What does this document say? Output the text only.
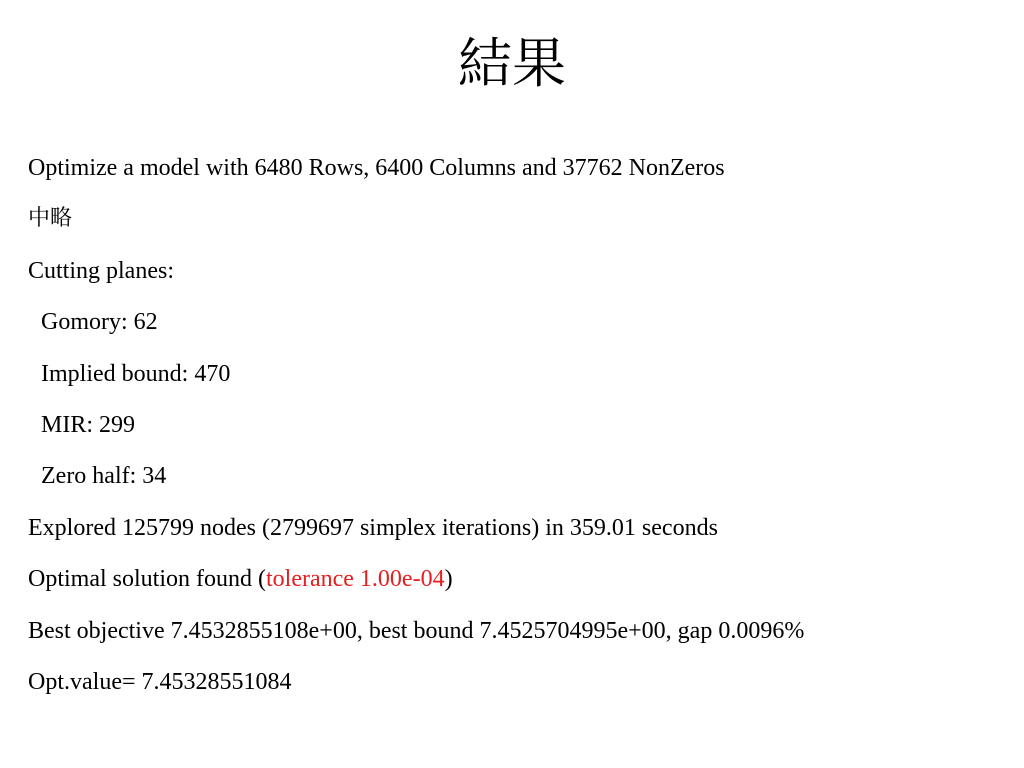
結果
Optimize a model with 6480 Rows, 6400 Columns and 37762 NonZeros
中略
Cutting planes:
Gomory: 62
Implied bound: 470
MIR: 299
Zero half: 34
Explored 125799 nodes (2799697 simplex iterations) in 359.01 seconds
Optimal solution found (tolerance 1.00e-04)
Best objective 7.4532855108e+00, best bound 7.4525704995e+00, gap 0.0096%
Opt.value= 7.45328551084
